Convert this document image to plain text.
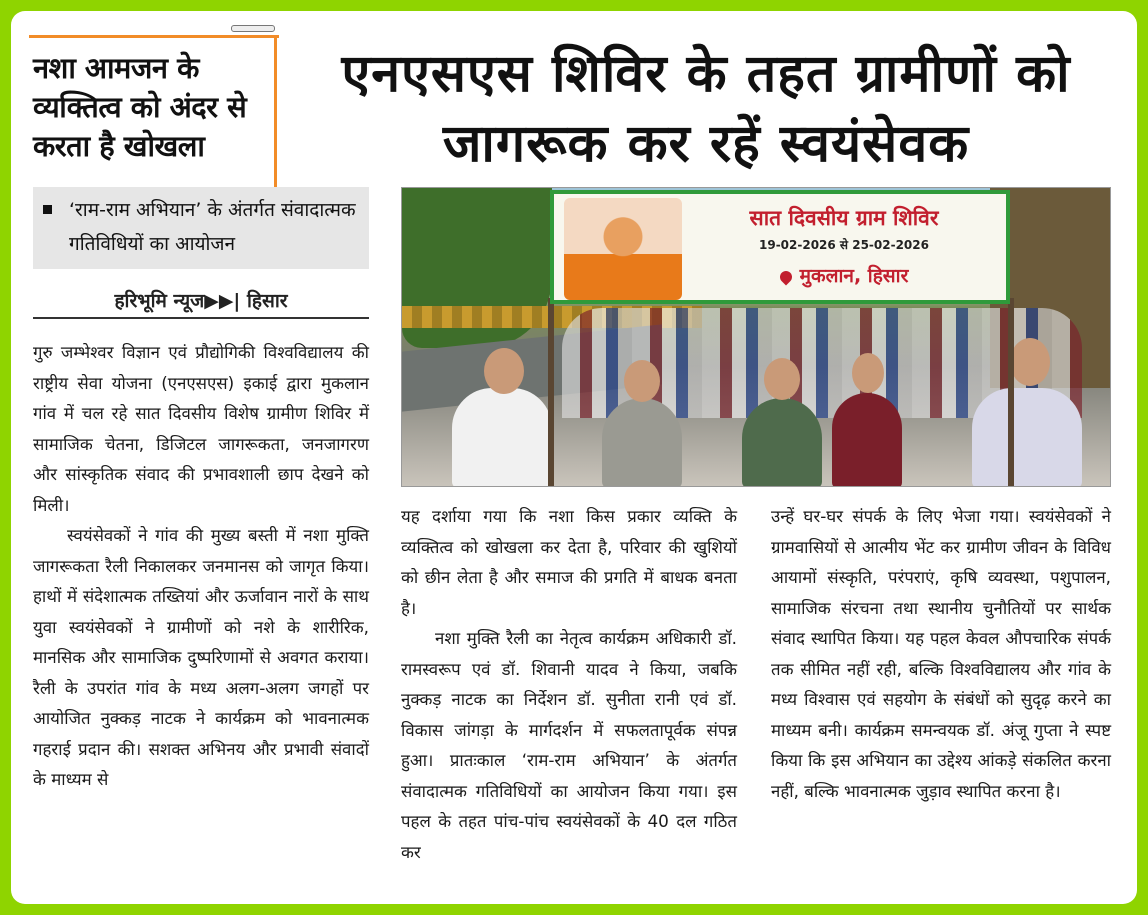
नशा आमजन के व्यक्तित्व को अंदर से करता है खोखला
एनएसएस शिविर के तहत ग्रामीणों को जागरूक कर रहें स्वयंसेवक
‘राम-राम अभियान’ के अंतर्गत संवादात्मक गतिविधियों का आयोजन
हरिभूमि न्यूज▶▶| हिसार

गुरु जम्भेश्वर विज्ञान एवं प्रौद्योगिकी विश्वविद्यालय की राष्ट्रीय सेवा योजना (एनएसएस) इकाई द्वारा मुकलान गांव में चल रहे सात दिवसीय विशेष ग्रामीण शिविर में सामाजिक चेतना, डिजिटल जागरूकता, जनजागरण और सांस्कृतिक संवाद की प्रभावशाली छाप देखने को मिली।

स्वयंसेवकों ने गांव की मुख्य बस्ती में नशा मुक्ति जागरूकता रैली निकालकर जनमानस को जागृत किया। हाथों में संदेशात्मक तख्तियां और ऊर्जावान नारों के साथ युवा स्वयंसेवकों ने ग्रामीणों को नशे के शारीरिक, मानसिक और सामाजिक दुष्परिणामों से अवगत कराया। रैली के उपरांत गांव के मध्य अलग-अलग जगहों पर आयोजित नुक्कड़ नाटक ने कार्यक्रम को भावनात्मक गहराई प्रदान की। सशक्त अभिनय और प्रभावी संवादों के माध्यम से

सात दिवसीय ग्राम शिविर
19-02-2026 से 25-02-2026
मुकलान, हिसार

यह दर्शाया गया कि नशा किस प्रकार व्यक्ति के व्यक्तित्व को खोखला कर देता है, परिवार की खुशियों को छीन लेता है और समाज की प्रगति में बाधक बनता है।

नशा मुक्ति रैली का नेतृत्व कार्यक्रम अधिकारी डॉ. रामस्वरूप एवं डॉ. शिवानी यादव ने किया, जबकि नुक्कड़ नाटक का निर्देशन डॉ. सुनीता रानी एवं डॉ. विकास जांगड़ा के मार्गदर्शन में सफलतापूर्वक संपन्न हुआ। प्रातःकाल ‘राम-राम अभियान’ के अंतर्गत संवादात्मक गतिविधियों का आयोजन किया गया। इस पहल के तहत पांच-पांच स्वयंसेवकों के 40 दल गठित कर

उन्हें घर-घर संपर्क के लिए भेजा गया। स्वयंसेवकों ने ग्रामवासियों से आत्मीय भेंट कर ग्रामीण जीवन के विविध आयामों संस्कृति, परंपराएं, कृषि व्यवस्था, पशुपालन, सामाजिक संरचना तथा स्थानीय चुनौतियों पर सार्थक संवाद स्थापित किया। यह पहल केवल औपचारिक संपर्क तक सीमित नहीं रही, बल्कि विश्वविद्यालय और गांव के मध्य विश्वास एवं सहयोग के संबंधों को सुदृढ़ करने का माध्यम बनी। कार्यक्रम समन्वयक डॉ. अंजू गुप्ता ने स्पष्ट किया कि इस अभियान का उद्देश्य आंकड़े संकलित करना नहीं, बल्कि भावनात्मक जुड़ाव स्थापित करना है।
